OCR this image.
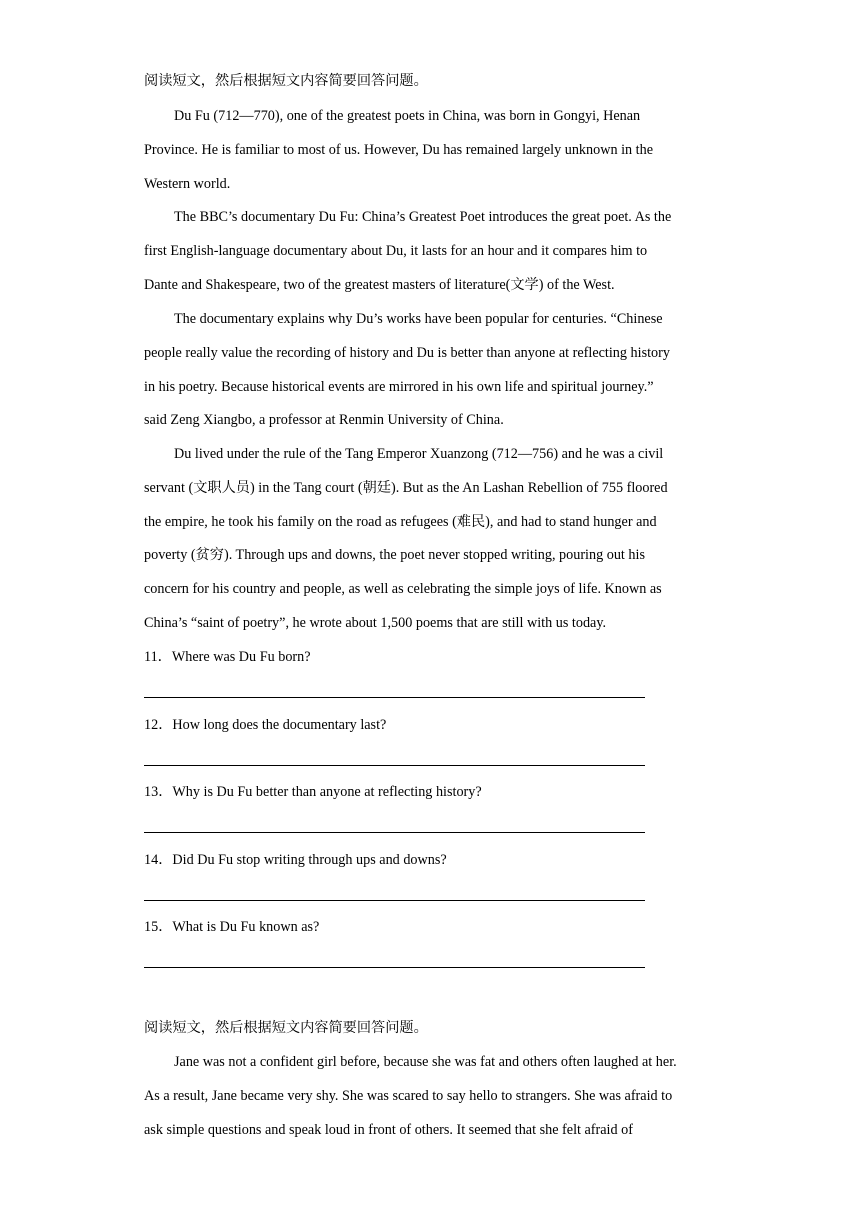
阅读短文，然后根据短文内容简要回答问题。
Du Fu (712—770), one of the greatest poets in China, was born in Gongyi, Henan
Province. He is familiar to most of us. However, Du has remained largely unknown in the
Western world.
The BBC’s documentary Du Fu: China’s Greatest Poet introduces the great poet. As the
first English-language documentary about Du, it lasts for an hour and it compares him to
Dante and Shakespeare, two of the greatest masters of literature(文学) of the West.
The documentary explains why Du’s works have been popular for centuries. “Chinese
people really value the recording of history and Du is better than anyone at reflecting history
in his poetry. Because historical events are mirrored in his own life and spiritual journey.”
said Zeng Xiangbo, a professor at Renmin University of China.
Du lived under the rule of the Tang Emperor Xuanzong (712—756) and he was a civil
servant (文职人员) in the Tang court (朝廷). But as the An Lashan Rebellion of 755 floored
the empire, he took his family on the road as refugees (难民), and had to stand hunger and
poverty (贫穷). Through ups and downs, the poet never stopped writing, pouring out his
concern for his country and people, as well as celebrating the simple joys of life. Known as
China’s “saint of poetry”, he wrote about 1,500 poems that are still with us today.
11．Where was Du Fu born?
12．How long does the documentary last?
13．Why is Du Fu better than anyone at reflecting history?
14．Did Du Fu stop writing through ups and downs?
15．What is Du Fu known as?
阅读短文，然后根据短文内容简要回答问题。
Jane was not a confident girl before, because she was fat and others often laughed at her.
As a result, Jane became very shy. She was scared to say hello to strangers. She was afraid to
ask simple questions and speak loud in front of others. It seemed that she felt afraid of
